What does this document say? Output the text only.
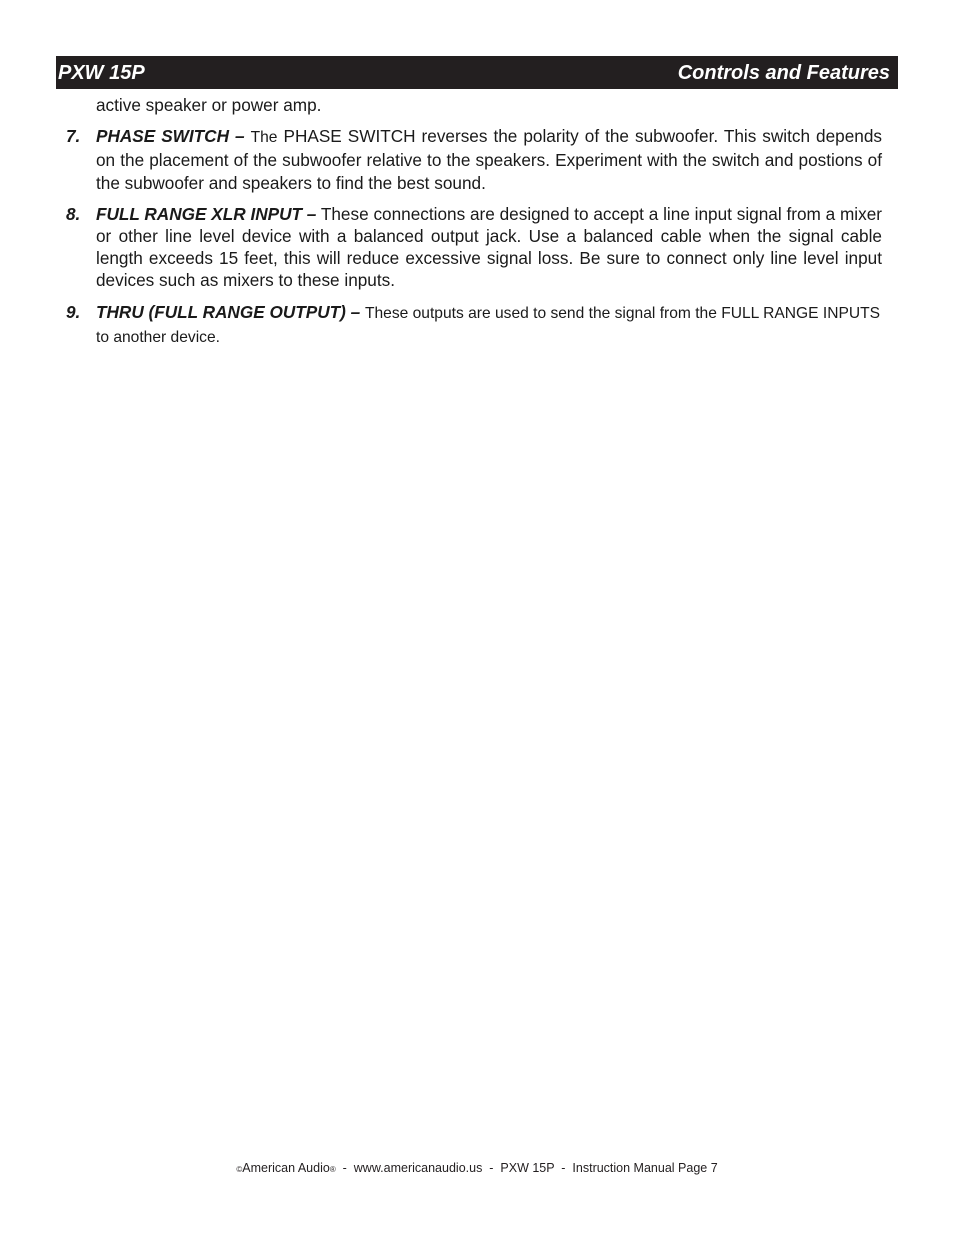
PXW 15P	Controls and Features
active speaker or power amp.
7. PHASE SWITCH – The PHASE SWITCH reverses the polarity of the subwoofer. This switch depends on the placement of the subwoofer relative to the speakers. Experiment with the switch and postions of the subwoofer and speakers to find the best sound.
8. FULL RANGE XLR INPUT – These connections are designed to accept a line input signal from a mixer or other line level device with a balanced output jack. Use a balanced cable when the signal cable length exceeds 15 feet, this will reduce excessive signal loss. Be sure to connect only line level input devices such as mixers to these inputs.
9. THRU (FULL RANGE OUTPUT) – These outputs are used to send the signal from the FULL RANGE INPUTS to another device.
©American Audio®  -  www.americanaudio.us  -  PXW 15P  -  Instruction Manual Page 7
